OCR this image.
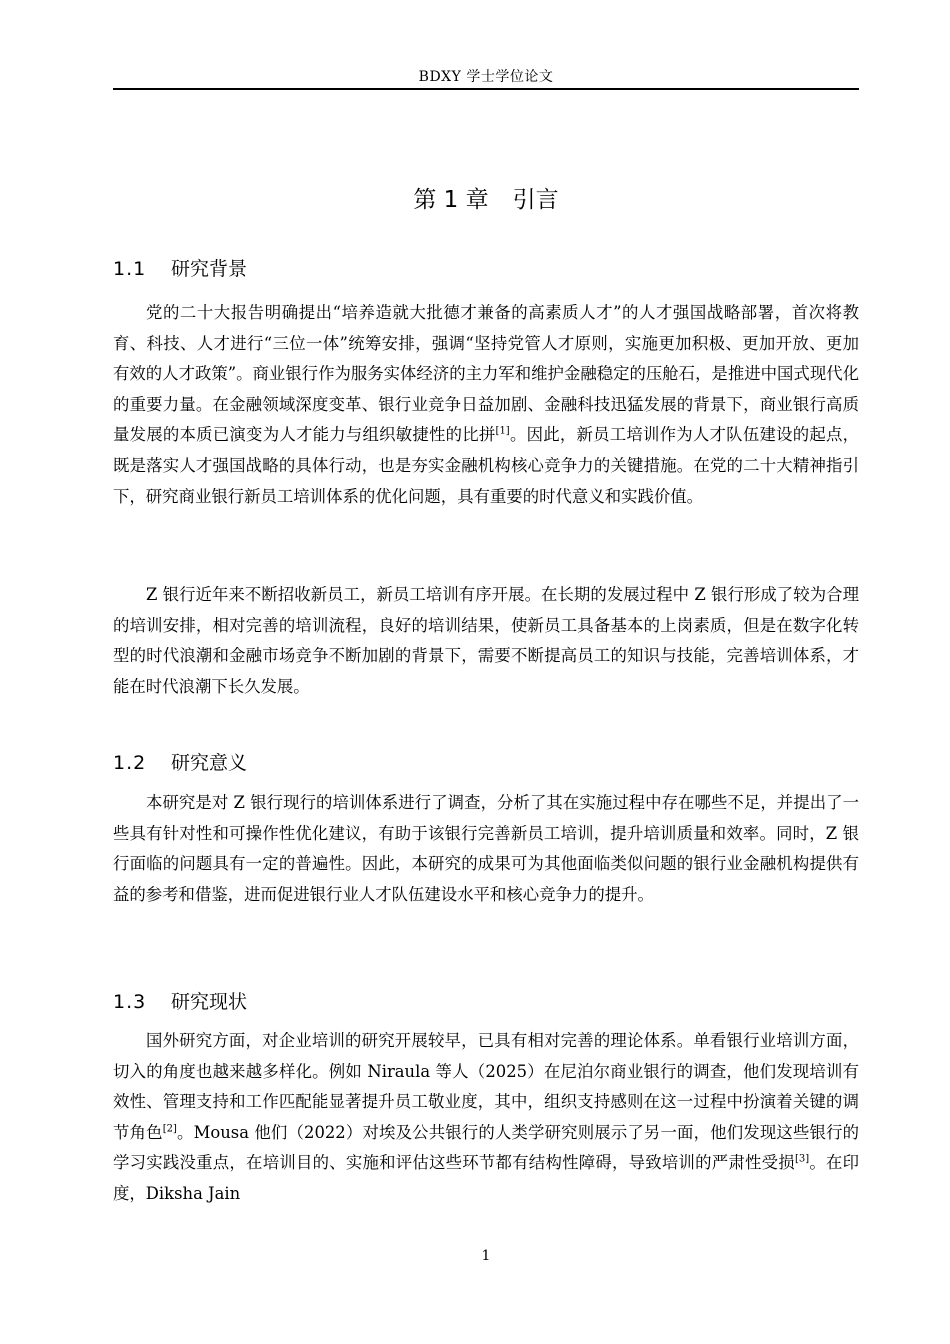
BDXY 学士学位论文
第 1 章 引言
1.1 研究背景

党的二十大报告明确提出“培养造就大批德才兼备的高素质人才”的人才强国战略部署，首次将教育、科技、人才进行“三位一体”统筹安排，强调“坚持党管人才原则，实施更加积极、更加开放、更加有效的人才政策”。商业银行作为服务实体经济的主力军和维护金融稳定的压舱石，是推进中国式现代化的重要力量。在金融领域深度变革、银行业竞争日益加剧、金融科技迅猛发展的背景下，商业银行高质量发展的本质已演变为人才能力与组织敏捷性的比拼[1]。因此，新员工培训作为人才队伍建设的起点，既是落实人才强国战略的具体行动，也是夯实金融机构核心竞争力的关键措施。在党的二十大精神指引下，研究商业银行新员工培训体系的优化问题，具有重要的时代意义和实践价值。

Z 银行近年来不断招收新员工，新员工培训有序开展。在长期的发展过程中 Z 银行形成了较为合理的培训安排，相对完善的培训流程，良好的培训结果，使新员工具备基本的上岗素质，但是在数字化转型的时代浪潮和金融市场竞争不断加剧的背景下，需要不断提高员工的知识与技能，完善培训体系，才能在时代浪潮下长久发展。

1.2 研究意义

本研究是对 Z 银行现行的培训体系进行了调查，分析了其在实施过程中存在哪些不足，并提出了一些具有针对性和可操作性优化建议，有助于该银行完善新员工培训，提升培训质量和效率。同时，Z 银行面临的问题具有一定的普遍性。因此，本研究的成果可为其他面临类似问题的银行业金融机构提供有益的参考和借鉴，进而促进银行业人才队伍建设水平和核心竞争力的提升。

1.3 研究现状

国外研究方面，对企业培训的研究开展较早，已具有相对完善的理论体系。单看银行业培训方面，切入的角度也越来越多样化。例如 Niraula 等人（2025）在尼泊尔商业银行的调查，他们发现培训有效性、管理支持和工作匹配能显著提升员工敬业度，其中，组织支持感则在这一过程中扮演着关键的调节角色[2]。Mousa 他们（2022）对埃及公共银行的人类学研究则展示了另一面，他们发现这些银行的学习实践没重点，在培训目的、实施和评估这些环节都有结构性障碍，导致培训的严肃性受损[3]。在印度，Diksha Jain

1
